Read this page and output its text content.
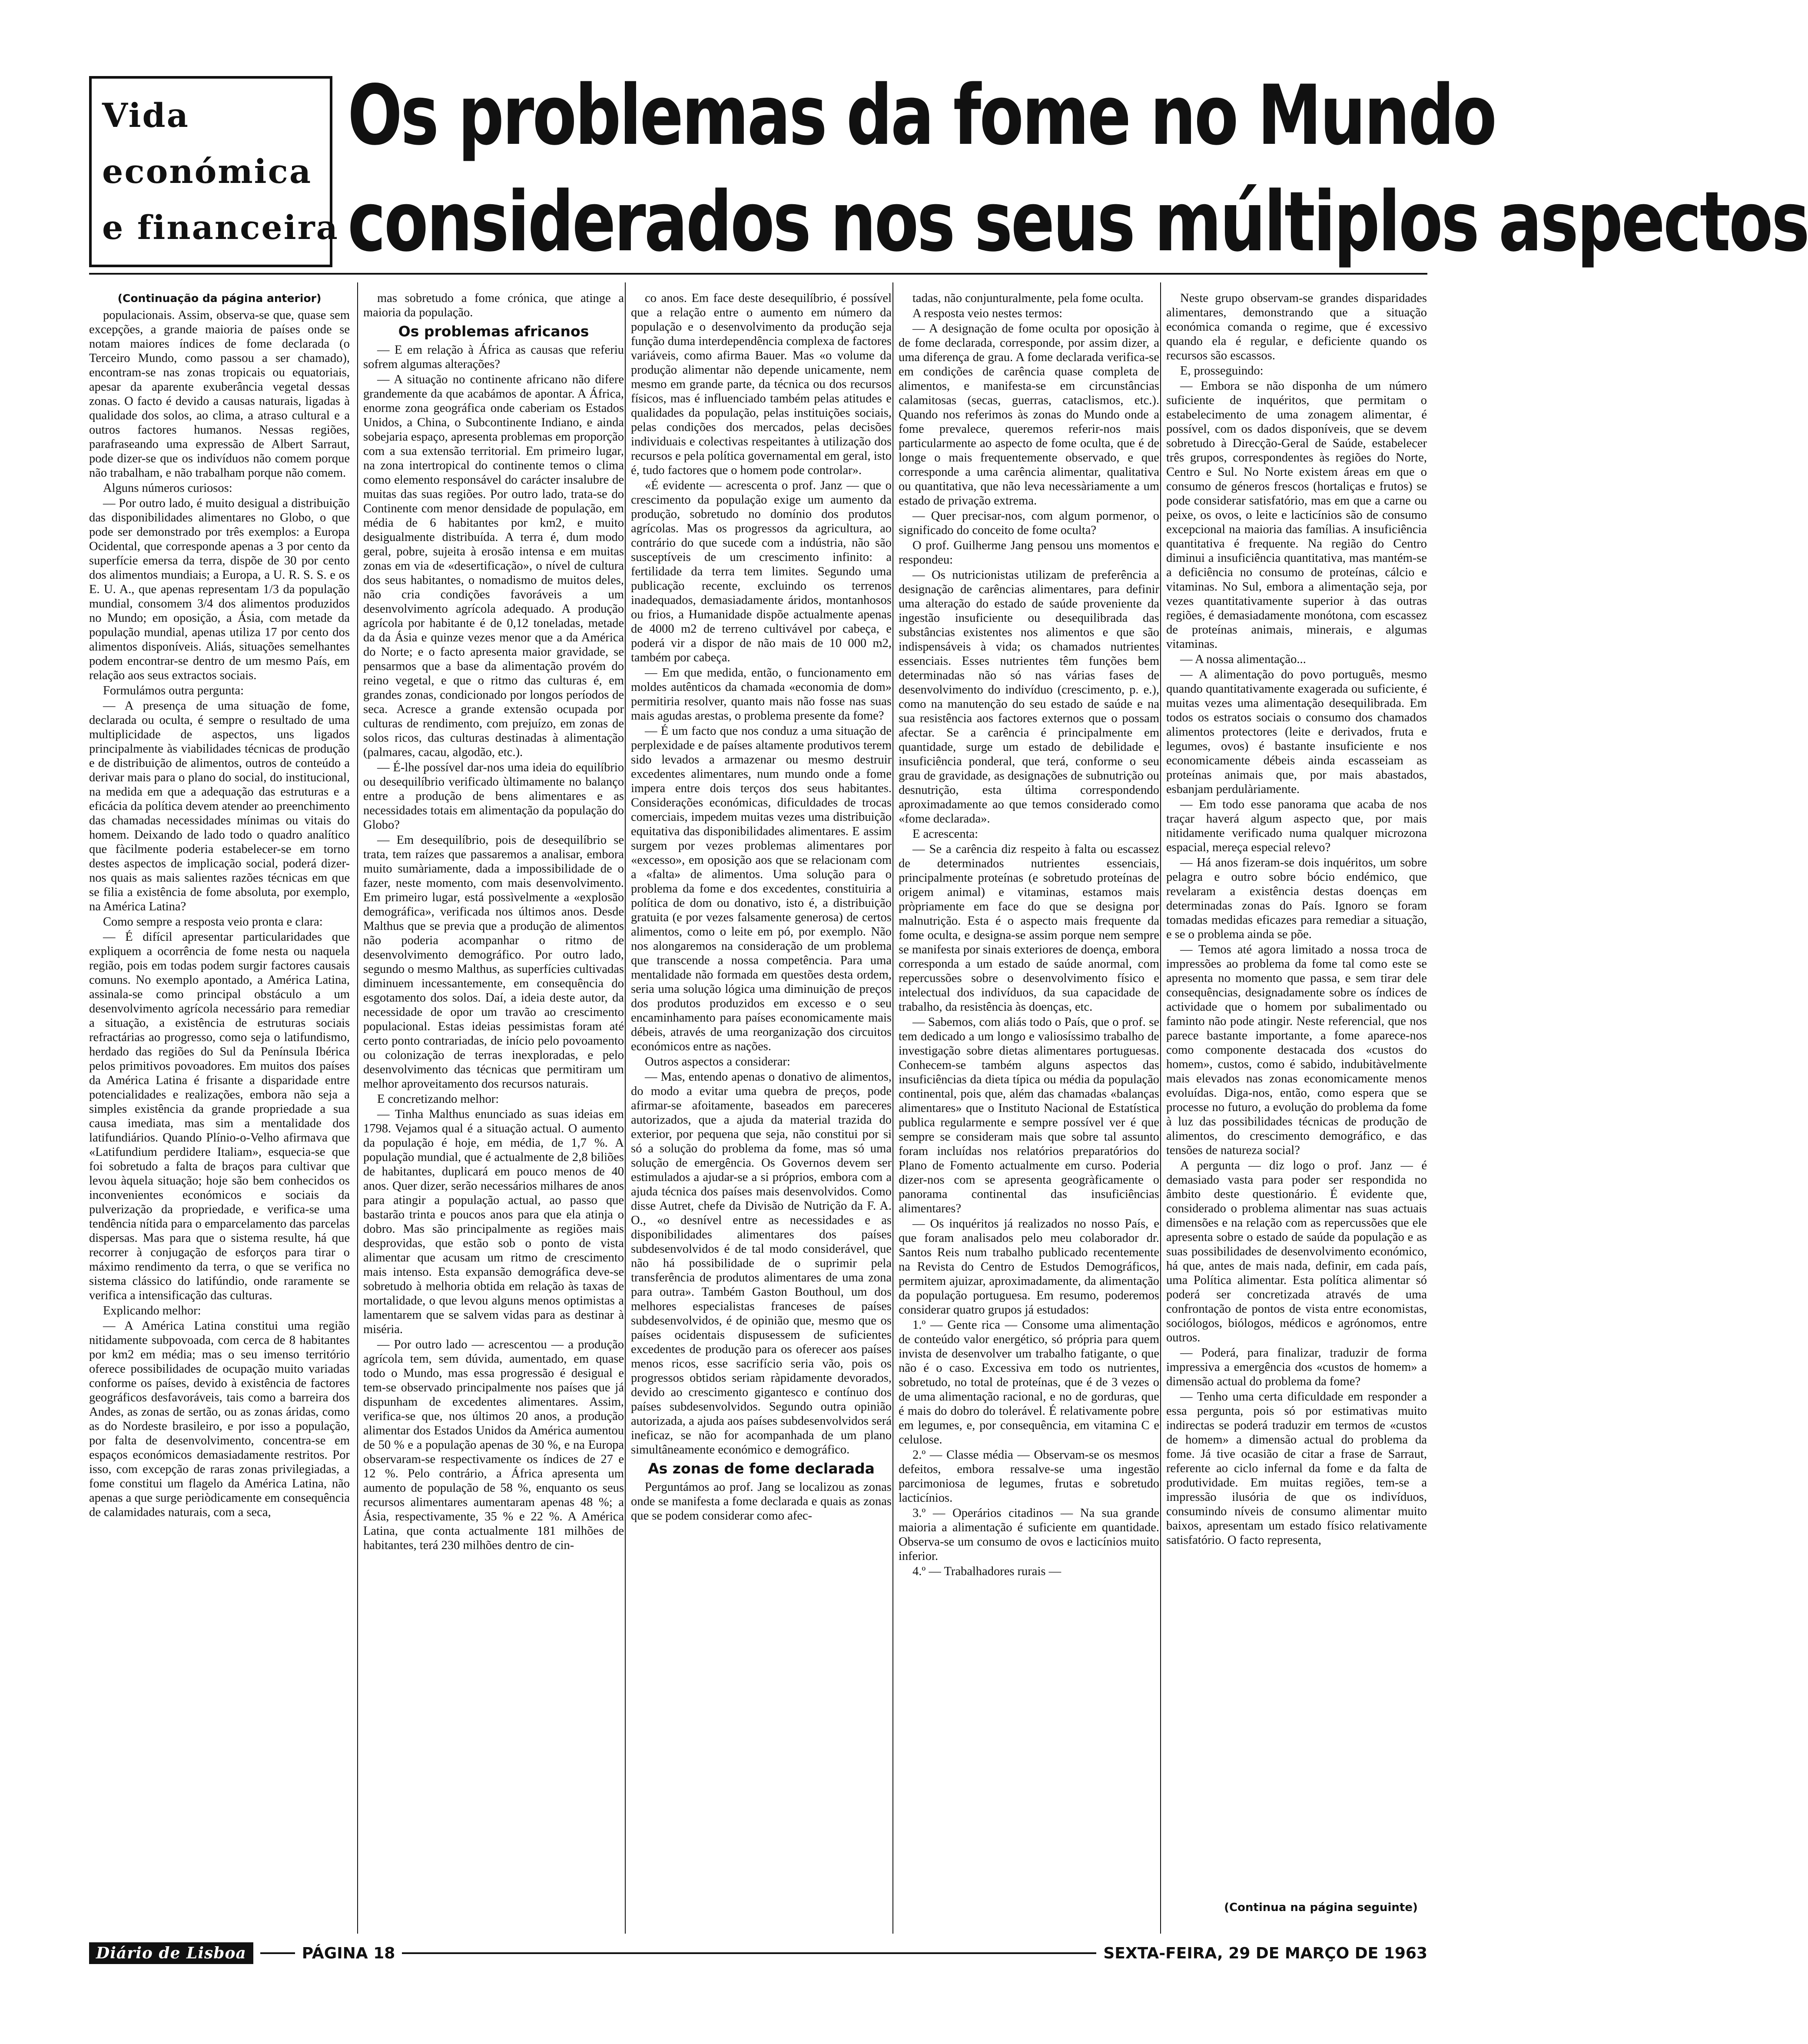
Vida
económica
e financeira
Os problemas da fome no Mundo
considerados nos seus múltiplos aspectos
(Continuação da página anterior)

populacionais. Assim, observa-se que, quase sem excepções, a grande maioria de países onde se notam maiores índices de fome declarada (o Terceiro Mundo, como passou a ser chamado), encontram-se nas zonas tropicais ou equatoriais, apesar da aparente exuberância vegetal dessas zonas. O facto é devido a causas naturais, ligadas à qualidade dos solos, ao clima, a atraso cultural e a outros factores humanos. Nessas regiões, parafraseando uma expressão de Albert Sarraut, pode dizer-se que os indivíduos não comem porque não trabalham, e não trabalham porque não comem.

Alguns números curiosos:

— Por outro lado, é muito desigual a distribuição das disponibilidades alimentares no Globo, o que pode ser demonstrado por três exemplos: a Europa Ocidental, que corresponde apenas a 3 por cento da superfície emersa da terra, dispõe de 30 por cento dos alimentos mundiais; a Europa, a U. R. S. S. e os E. U. A., que apenas representam 1/3 da população mundial, consomem 3/4 dos alimentos produzidos no Mundo; em oposição, a Ásia, com metade da população mundial, apenas utiliza 17 por cento dos alimentos disponíveis. Aliás, situações semelhantes podem encontrar-se dentro de um mesmo País, em relação aos seus extractos sociais.

Formulámos outra pergunta:

— A presença de uma situação de fome, declarada ou oculta, é sempre o resultado de uma multiplicidade de aspectos, uns ligados principalmente às viabilidades técnicas de produção e de distribuição de alimentos, outros de conteúdo a derivar mais para o plano do social, do institucional, na medida em que a adequação das estruturas e a eficácia da política devem atender ao preenchimento das chamadas necessidades mínimas ou vitais do homem. Deixando de lado todo o quadro analítico que fàcilmente poderia estabelecer-se em torno destes aspectos de implicação social, poderá dizer-nos quais as mais salientes razões técnicas em que se filia a existência de fome absoluta, por exemplo, na América Latina?

Como sempre a resposta veio pronta e clara:

— É difícil apresentar particularidades que expliquem a ocorrência de fome nesta ou naquela região, pois em todas podem surgir factores causais comuns. No exemplo apontado, a América Latina, assinala-se como principal obstáculo a um desenvolvimento agrícola necessário para remediar a situação, a existência de estruturas sociais refractárias ao progresso, como seja o latifundismo, herdado das regiões do Sul da Península Ibérica pelos primitivos povoadores. Em muitos dos países da América Latina é frisante a disparidade entre potencialidades e realizações, embora não seja a simples existência da grande propriedade a sua causa imediata, mas sim a mentalidade dos latifundiários. Quando Plínio-o-Velho afirmava que «Latifundium perdidere Italiam», esquecia-se que foi sobretudo a falta de braços para cultivar que levou àquela situação; hoje são bem conhecidos os inconvenientes económicos e sociais da pulverização da propriedade, e verifica-se uma tendência nítida para o emparcelamento das parcelas dispersas. Mas para que o sistema resulte, há que recorrer à conjugação de esforços para tirar o máximo rendimento da terra, o que se verifica no sistema clássico do latifúndio, onde raramente se verifica a intensificação das culturas.

Explicando melhor:

— A América Latina constitui uma região nitidamente subpovoada, com cerca de 8 habitantes por km2 em média; mas o seu imenso território oferece possibilidades de ocupação muito variadas conforme os países, devido à existência de factores geográficos desfavoráveis, tais como a barreira dos Andes, as zonas de sertão, ou as zonas áridas, como as do Nordeste brasileiro, e por isso a população, por falta de desenvolvimento, concentra-se em espaços económicos demasiadamente restritos. Por isso, com excepção de raras zonas privilegiadas, a fome constitui um flagelo da América Latina, não apenas a que surge periòdicamente em consequência de calamidades naturais, com a seca,

mas sobretudo a fome crónica, que atinge a maioria da população.

Os problemas africanos

— E em relação à África as causas que referiu sofrem algumas alterações?

— A situação no continente africano não difere grandemente da que acabámos de apontar. A África, enorme zona geográfica onde caberiam os Estados Unidos, a China, o Subcontinente Indiano, e ainda sobejaria espaço, apresenta problemas em proporção com a sua extensão territorial. Em primeiro lugar, na zona intertropical do continente temos o clima como elemento responsável do carácter insalubre de muitas das suas regiões. Por outro lado, trata-se do Continente com menor densidade de população, em média de 6 habitantes por km2, e muito desigualmente distribuída. A terra é, dum modo geral, pobre, sujeita à erosão intensa e em muitas zonas em via de «desertificação», o nível de cultura dos seus habitantes, o nomadismo de muitos deles, não cria condições favoráveis a um desenvolvimento agrícola adequado. A produção agrícola por habitante é de 0,12 toneladas, metade da da Ásia e quinze vezes menor que a da América do Norte; e o facto apresenta maior gravidade, se pensarmos que a base da alimentação provém do reino vegetal, e que o ritmo das culturas é, em grandes zonas, condicionado por longos períodos de seca. Acresce a grande extensão ocupada por culturas de rendimento, com prejuízo, em zonas de solos ricos, das culturas destinadas à alimentação (palmares, cacau, algodão, etc.).

— É-lhe possível dar-nos uma ideia do equilíbrio ou desequilíbrio verificado ùltimamente no balanço entre a produção de bens alimentares e as necessidades totais em alimentação da população do Globo?

— Em desequilíbrio, pois de desequilíbrio se trata, tem raízes que passaremos a analisar, embora muito sumàriamente, dada a impossibilidade de o fazer, neste momento, com mais desenvolvimento. Em primeiro lugar, está possìvelmente a «explosão demográfica», verificada nos últimos anos. Desde Malthus que se previa que a produção de alimentos não poderia acompanhar o ritmo de desenvolvimento demográfico. Por outro lado, segundo o mesmo Malthus, as superfícies cultivadas diminuem incessantemente, em consequência do esgotamento dos solos. Daí, a ideia deste autor, da necessidade de opor um travão ao crescimento populacional. Estas ideias pessimistas foram até certo ponto contrariadas, de início pelo povoamento ou colonização de terras inexploradas, e pelo desenvolvimento das técnicas que permitiram um melhor aproveitamento dos recursos naturais.

E concretizando melhor:

— Tinha Malthus enunciado as suas ideias em 1798. Vejamos qual é a situação actual. O aumento da população é hoje, em média, de 1,7 %. A população mundial, que é actualmente de 2,8 biliões de habitantes, duplicará em pouco menos de 40 anos. Quer dizer, serão necessários milhares de anos para atingir a população actual, ao passo que bastarão trinta e poucos anos para que ela atinja o dobro. Mas são principalmente as regiões mais desprovidas, que estão sob o ponto de vista alimentar que acusam um ritmo de crescimento mais intenso. Esta expansão demográfica deve-se sobretudo à melhoria obtida em relação às taxas de mortalidade, o que levou alguns menos optimistas a lamentarem que se salvem vidas para as destinar à miséria.

— Por outro lado — acrescentou — a produção agrícola tem, sem dúvida, aumentado, em quase todo o Mundo, mas essa progressão é desigual e tem-se observado principalmente nos países que já dispunham de excedentes alimentares. Assim, verifica-se que, nos últimos 20 anos, a produção alimentar dos Estados Unidos da América aumentou de 50 % e a população apenas de 30 %, e na Europa observaram-se respectivamente os índices de 27 e 12 %. Pelo contrário, a África apresenta um aumento de população de 58 %, enquanto os seus recursos alimentares aumentaram apenas 48 %; a Ásia, respectivamente, 35 % e 22 %. A América Latina, que conta actualmente 181 milhões de habitantes, terá 230 milhões dentro de cin-

co anos. Em face deste desequilíbrio, é possível que a relação entre o aumento em número da população e o desenvolvimento da produção seja função duma interdependência complexa de factores variáveis, como afirma Bauer. Mas «o volume da produção alimentar não depende unicamente, nem mesmo em grande parte, da técnica ou dos recursos físicos, mas é influenciado também pelas atitudes e qualidades da população, pelas instituições sociais, pelas condições dos mercados, pelas decisões individuais e colectivas respeitantes à utilização dos recursos e pela política governamental em geral, isto é, tudo factores que o homem pode controlar».

«É evidente — acrescenta o prof. Janz — que o crescimento da população exige um aumento da produção, sobretudo no domínio dos produtos agrícolas. Mas os progressos da agricultura, ao contrário do que sucede com a indústria, não são susceptíveis de um crescimento infinito: a fertilidade da terra tem limites. Segundo uma publicação recente, excluindo os terrenos inadequados, demasiadamente áridos, montanhosos ou frios, a Humanidade dispõe actualmente apenas de 4000 m2 de terreno cultivável por cabeça, e poderá vir a dispor de não mais de 10 000 m2, também por cabeça.

— Em que medida, então, o funcionamento em moldes autênticos da chamada «economia de dom» permitiria resolver, quanto mais não fosse nas suas mais agudas arestas, o problema presente da fome?

— É um facto que nos conduz a uma situação de perplexidade e de países altamente produtivos terem sido levados a armazenar ou mesmo destruir excedentes alimentares, num mundo onde a fome impera entre dois terços dos seus habitantes. Considerações económicas, dificuldades de trocas comerciais, impedem muitas vezes uma distribuição equitativa das disponibilidades alimentares. E assim surgem por vezes problemas alimentares por «excesso», em oposição aos que se relacionam com a «falta» de alimentos. Uma solução para o problema da fome e dos excedentes, constituiria a política de dom ou donativo, isto é, a distribuição gratuita (e por vezes falsamente generosa) de certos alimentos, como o leite em pó, por exemplo. Não nos alongaremos na consideração de um problema que transcende a nossa competência. Para uma mentalidade não formada em questões desta ordem, seria uma solução lógica uma diminuição de preços dos produtos produzidos em excesso e o seu encaminhamento para países economicamente mais débeis, através de uma reorganização dos circuitos económicos entre as nações.

Outros aspectos a considerar:

— Mas, entendo apenas o donativo de alimentos, do modo a evitar uma quebra de preços, pode afirmar-se afoitamente, baseados em pareceres autorizados, que a ajuda da material trazida do exterior, por pequena que seja, não constitui por si só a solução do problema da fome, mas só uma solução de emergência. Os Governos devem ser estimulados a ajudar-se a si próprios, embora com a ajuda técnica dos países mais desenvolvidos. Como disse Autret, chefe da Divisão de Nutrição da F. A. O., «o desnível entre as necessidades e as disponibilidades alimentares dos países subdesenvolvidos é de tal modo considerável, que não há possibilidade de o suprimir pela transferência de produtos alimentares de uma zona para outra». Também Gaston Bouthoul, um dos melhores especialistas franceses de países subdesenvolvidos, é de opinião que, mesmo que os países ocidentais dispusessem de suficientes excedentes de produção para os oferecer aos países menos ricos, esse sacrifício seria vão, pois os progressos obtidos seriam ràpidamente devorados, devido ao crescimento gigantesco e contínuo dos países subdesenvolvidos. Segundo outra opinião autorizada, a ajuda aos países subdesenvolvidos será ineficaz, se não for acompanhada de um plano simultâneamente económico e demográfico.

As zonas de fome declarada

Perguntámos ao prof. Jang se localizou as zonas onde se manifesta a fome declarada e quais as zonas que se podem considerar como afec-

tadas, não conjunturalmente, pela fome oculta.

A resposta veio nestes termos:

— A designação de fome oculta por oposição à de fome declarada, corresponde, por assim dizer, a uma diferença de grau. A fome declarada verifica-se em condições de carência quase completa de alimentos, e manifesta-se em circunstâncias calamitosas (secas, guerras, cataclismos, etc.). Quando nos referimos às zonas do Mundo onde a fome prevalece, queremos referir-nos mais particularmente ao aspecto de fome oculta, que é de longe o mais frequentemente observado, e que corresponde a uma carência alimentar, qualitativa ou quantitativa, que não leva necessàriamente a um estado de privação extrema.

— Quer precisar-nos, com algum pormenor, o significado do conceito de fome oculta?

O prof. Guilherme Jang pensou uns momentos e respondeu:

— Os nutricionistas utilizam de preferência a designação de carências alimentares, para definir uma alteração do estado de saúde proveniente da ingestão insuficiente ou desequilibrada das substâncias existentes nos alimentos e que são indispensáveis à vida; os chamados nutrientes essenciais. Esses nutrientes têm funções bem determinadas não só nas várias fases de desenvolvimento do indivíduo (crescimento, p. e.), como na manutenção do seu estado de saúde e na sua resistência aos factores externos que o possam afectar. Se a carência é principalmente em quantidade, surge um estado de debilidade e insuficiência ponderal, que terá, conforme o seu grau de gravidade, as designações de subnutrição ou desnutrição, esta última correspondendo aproximadamente ao que temos considerado como «fome declarada».

E acrescenta:

— Se a carência diz respeito à falta ou escassez de determinados nutrientes essenciais, principalmente proteínas (e sobretudo proteínas de origem animal) e vitaminas, estamos mais pròpriamente em face do que se designa por malnutrição. Esta é o aspecto mais frequente da fome oculta, e designa-se assim porque nem sempre se manifesta por sinais exteriores de doença, embora corresponda a um estado de saúde anormal, com repercussões sobre o desenvolvimento físico e intelectual dos indivíduos, da sua capacidade de trabalho, da resistência às doenças, etc.

— Sabemos, com aliás todo o País, que o prof. se tem dedicado a um longo e valiosíssimo trabalho de investigação sobre dietas alimentares portuguesas. Conhecem-se também alguns aspectos das insuficiências da dieta típica ou média da população continental, pois que, além das chamadas «balanças alimentares» que o Instituto Nacional de Estatística publica regularmente e sempre possível ver é que sempre se consideram mais que sobre tal assunto foram incluídas nos relatórios preparatórios do Plano de Fomento actualmente em curso. Poderia dizer-nos com se apresenta geogràficamente o panorama continental das insuficiências alimentares?

— Os inquéritos já realizados no nosso País, e que foram analisados pelo meu colaborador dr. Santos Reis num trabalho publicado recentemente na Revista do Centro de Estudos Demográficos, permitem ajuizar, aproximadamente, da alimentação da população portuguesa. Em resumo, poderemos considerar quatro grupos já estudados:

1.º — Gente rica — Consome uma alimentação de conteúdo valor energético, só própria para quem invista de desenvolver um trabalho fatigante, o que não é o caso. Excessiva em todo os nutrientes, sobretudo, no total de proteínas, que é de 3 vezes o de uma alimentação racional, e no de gorduras, que é mais do dobro do tolerável. É relativamente pobre em legumes, e, por consequência, em vitamina C e celulose.

2.º — Classe média — Observam-se os mesmos defeitos, embora ressalve-se uma ingestão parcimoniosa de legumes, frutas e sobretudo lacticínios.

3.º — Operários citadinos — Na sua grande maioria a alimentação é suficiente em quantidade. Observa-se um consumo de ovos e lacticínios muito inferior.

4.º — Trabalhadores rurais —

Neste grupo observam-se grandes disparidades alimentares, demonstrando que a situação económica comanda o regime, que é excessivo quando ela é regular, e deficiente quando os recursos são escassos.

E, prosseguindo:

— Embora se não disponha de um número suficiente de inquéritos, que permitam o estabelecimento de uma zonagem alimentar, é possível, com os dados disponíveis, que se devem sobretudo à Direcção-Geral de Saúde, estabelecer três grupos, correspondentes às regiões do Norte, Centro e Sul. No Norte existem áreas em que o consumo de géneros frescos (hortaliças e frutos) se pode considerar satisfatório, mas em que a carne ou peixe, os ovos, o leite e lacticínios são de consumo excepcional na maioria das famílias. A insuficiência quantitativa é frequente. Na região do Centro diminui a insuficiência quantitativa, mas mantém-se a deficiência no consumo de proteínas, cálcio e vitaminas. No Sul, embora a alimentação seja, por vezes quantitativamente superior à das outras regiões, é demasiadamente monótona, com escassez de proteínas animais, minerais, e algumas vitaminas.

— A nossa alimentação...

— A alimentação do povo português, mesmo quando quantitativamente exagerada ou suficiente, é muitas vezes uma alimentação desequilibrada. Em todos os estratos sociais o consumo dos chamados alimentos protectores (leite e derivados, fruta e legumes, ovos) é bastante insuficiente e nos economicamente débeis ainda escasseiam as proteínas animais que, por mais abastados, esbanjam perdulàriamente.

— Em todo esse panorama que acaba de nos traçar haverá algum aspecto que, por mais nitidamente verificado numa qualquer microzona espacial, mereça especial relevo?

— Há anos fizeram-se dois inquéritos, um sobre pelagra e outro sobre bócio endémico, que revelaram a existência destas doenças em determinadas zonas do País. Ignoro se foram tomadas medidas eficazes para remediar a situação, e se o problema ainda se põe.

— Temos até agora limitado a nossa troca de impressões ao problema da fome tal como este se apresenta no momento que passa, e sem tirar dele consequências, designadamente sobre os índices de actividade que o homem por subalimentado ou faminto não pode atingir. Neste referencial, que nos parece bastante importante, a fome aparece-nos como componente destacada dos «custos do homem», custos, como é sabido, indubitàvelmente mais elevados nas zonas economicamente menos evoluídas. Diga-nos, então, como espera que se processe no futuro, a evolução do problema da fome à luz das possibilidades técnicas de produção de alimentos, do crescimento demográfico, e das tensões de natureza social?

A pergunta — diz logo o prof. Janz — é demasiado vasta para poder ser respondida no âmbito deste questionário. É evidente que, considerado o problema alimentar nas suas actuais dimensões e na relação com as repercussões que ele apresenta sobre o estado de saúde da população e as suas possibilidades de desenvolvimento económico, há que, antes de mais nada, definir, em cada país, uma Política alimentar. Esta política alimentar só poderá ser concretizada através de uma confrontação de pontos de vista entre economistas, sociólogos, biólogos, médicos e agrónomos, entre outros.

— Poderá, para finalizar, traduzir de forma impressiva a emergência dos «custos de homem» a dimensão actual do problema da fome?

— Tenho uma certa dificuldade em responder a essa pergunta, pois só por estimativas muito indirectas se poderá traduzir em termos de «custos de homem» a dimensão actual do problema da fome. Já tive ocasião de citar a frase de Sarraut, referente ao ciclo infernal da fome e da falta de produtividade. Em muitas regiões, tem-se a impressão ilusória de que os indivíduos, consumindo níveis de consumo alimentar muito baixos, apresentam um estado físico relativamente satisfatório. O facto representa,

(Continua na página seguinte)
Diário de Lisboa	PÁGINA 18	SEXTA-FEIRA, 29 DE MARÇO DE 1963
